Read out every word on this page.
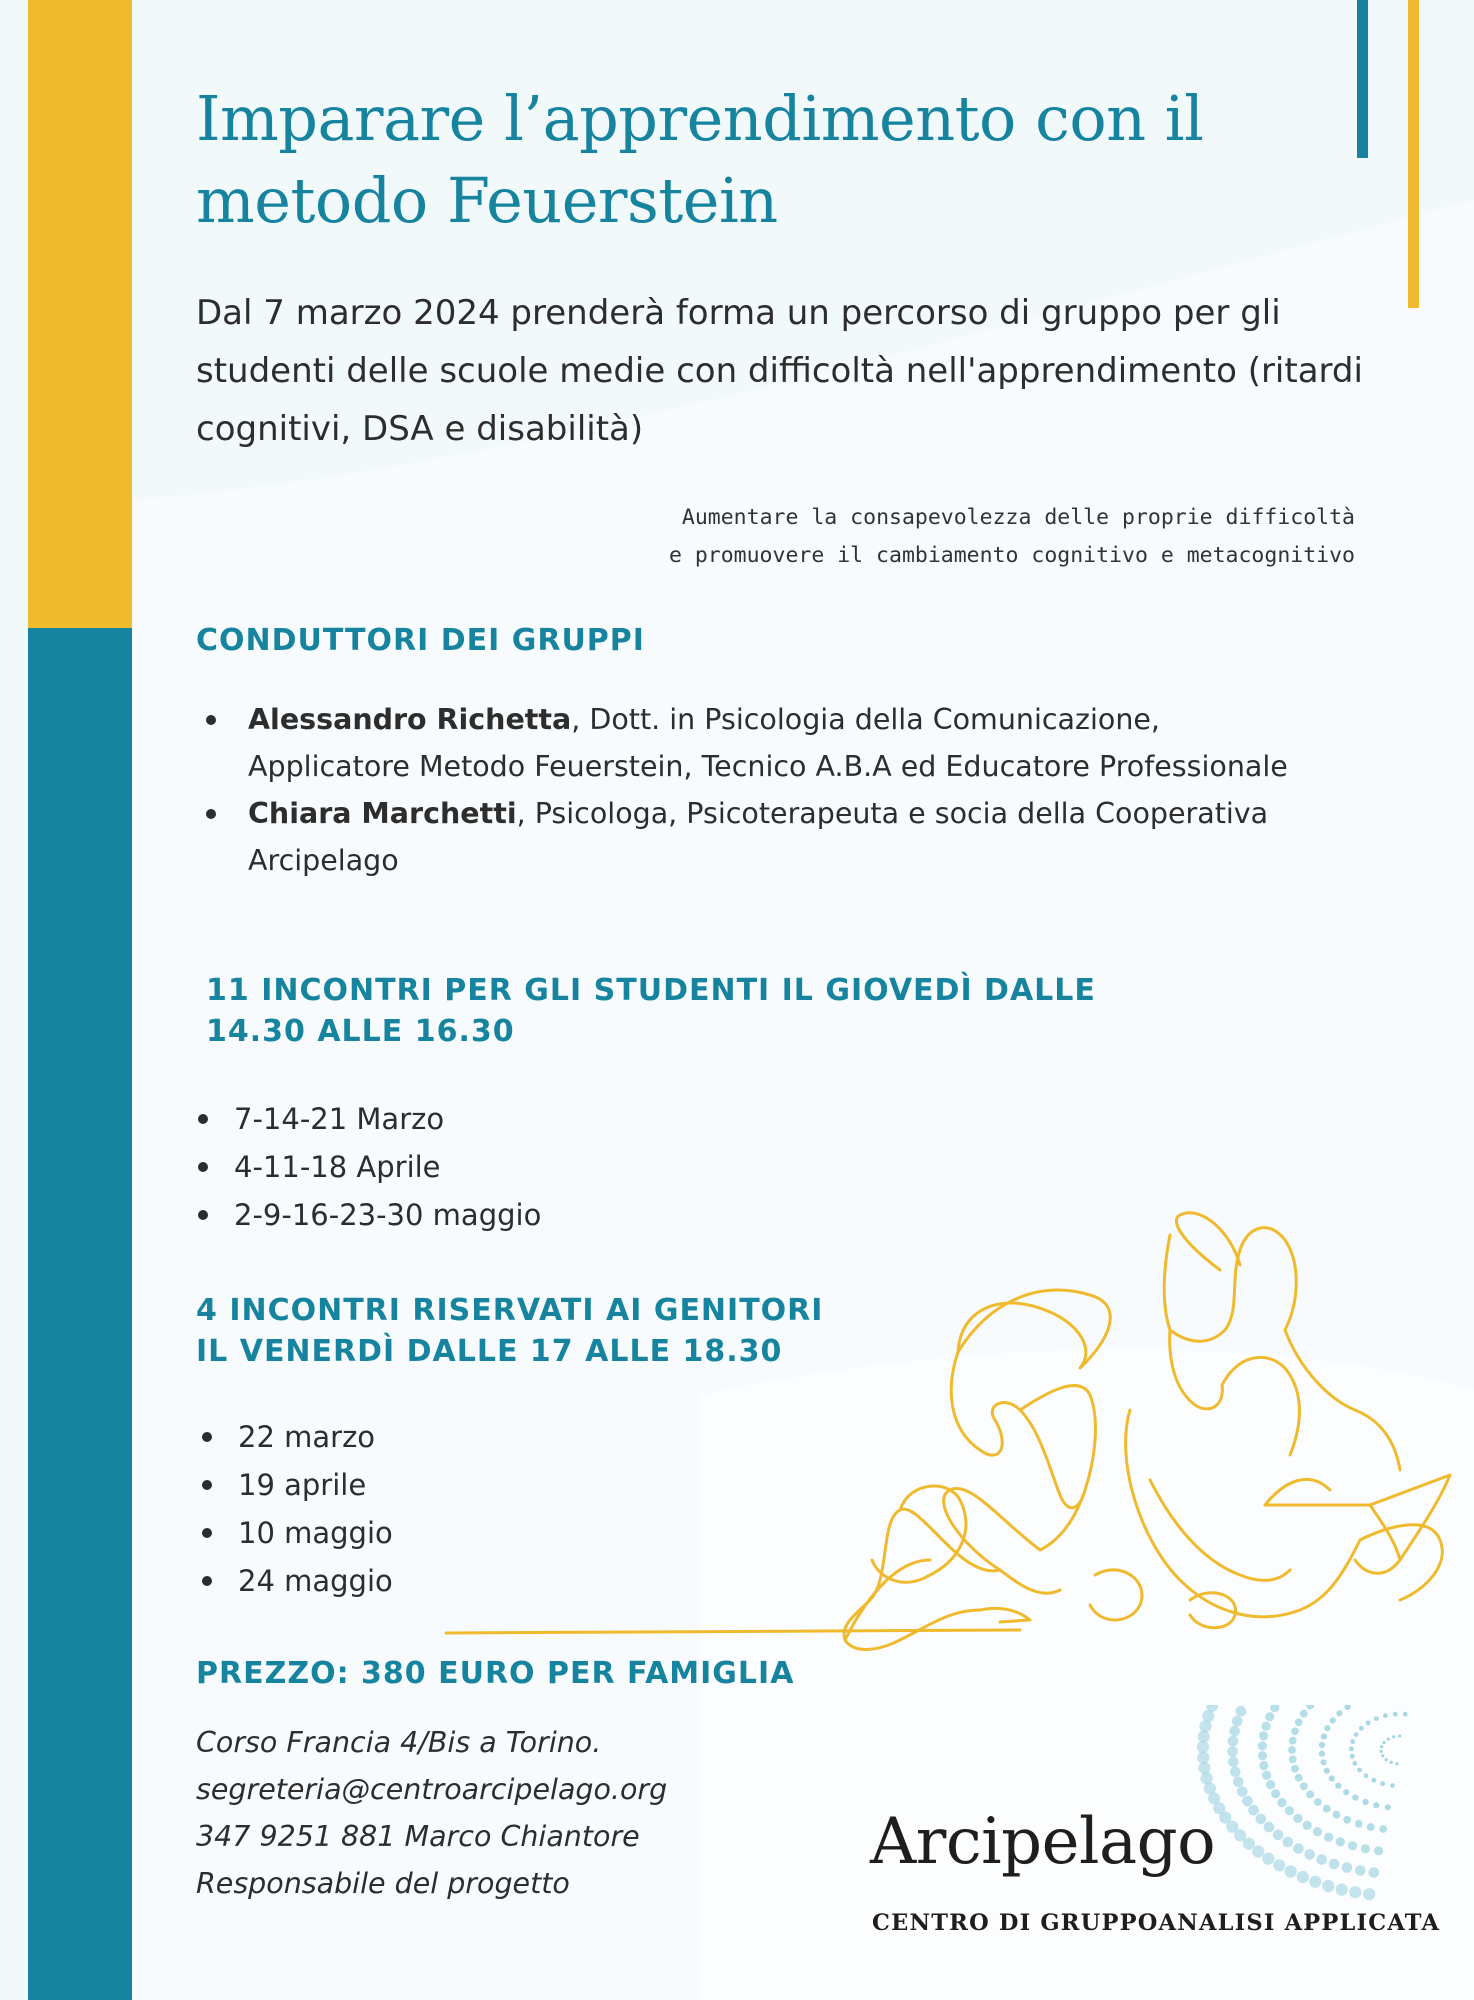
Imparare l’apprendimento con il metodo Feuerstein

Dal 7 marzo 2024 prenderà forma un percorso di gruppo per gli studenti delle scuole medie con difficoltà nell'apprendimento (ritardi cognitivi, DSA e disabilità)

Aumentare la consapevolezza delle proprie difficoltà
e promuovere il cambiamento cognitivo e metacognitivo

CONDUTTORI DEI GRUPPI
Alessandro Richetta, Dott. in Psicologia della Comunicazione, Applicatore Metodo Feuerstein, Tecnico A.B.A ed Educatore Professionale
Chiara Marchetti, Psicologa, Psicoterapeuta e socia della Cooperativa Arcipelago
11 INCONTRI PER GLI STUDENTI IL GIOVEDÌ DALLE
14.30 ALLE 16.30
7-14-21 Marzo
4-11-18 Aprile
2-9-16-23-30 maggio
4 INCONTRI RISERVATI AI GENITORI
IL VENERDÌ DALLE 17 ALLE 18.30
22 marzo
19 aprile
10 maggio
24 maggio
PREZZO: 380 EURO PER FAMIGLIA
Corso Francia 4/Bis a Torino.
segreteria@centroarcipelago.org
347 9251 881 Marco Chiantore
Responsabile del progetto

Arcipelago

CENTRO DI GRUPPOANALISI APPLICATA
